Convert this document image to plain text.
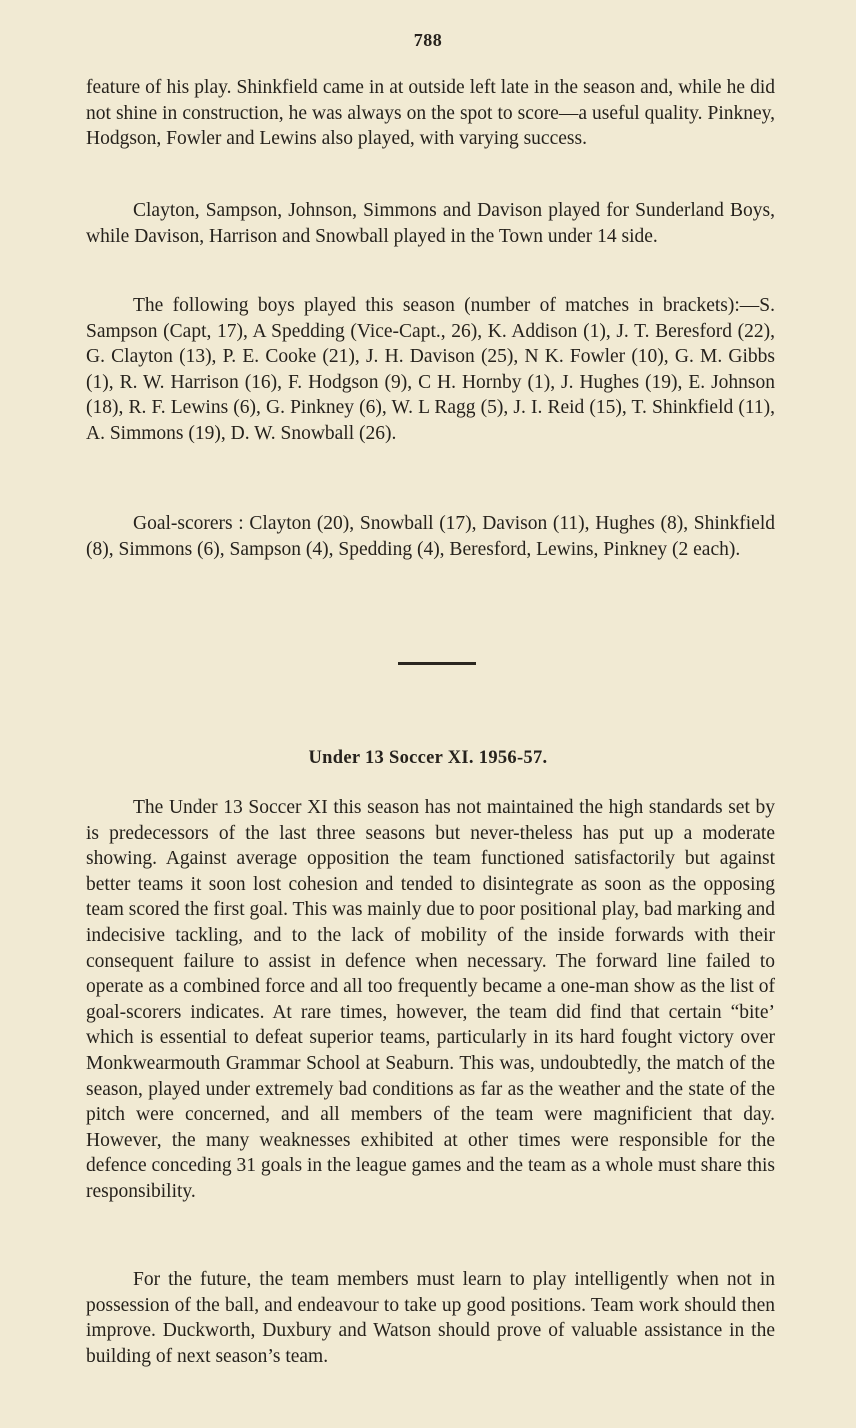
788

feature of his play. Shinkfield came in at outside left late in the season and, while he did not shine in construction, he was always on the spot to score—a useful quality. Pinkney, Hodgson, Fowler and Lewins also played, with varying success.

Clayton, Sampson, Johnson, Simmons and Davison played for Sunderland Boys, while Davison, Harrison and Snowball played in the Town under 14 side.

The following boys played this season (number of matches in brackets):—S. Sampson (Capt, 17), A Spedding (Vice-Capt., 26), K. Addison (1), J. T. Beresford (22), G. Clayton (13), P. E. Cooke (21), J. H. Davison (25), N K. Fowler (10), G. M. Gibbs (1), R. W. Harrison (16), F. Hodgson (9), C H. Hornby (1), J. Hughes (19), E. Johnson (18), R. F. Lewins (6), G. Pinkney (6), W. L Ragg (5), J. I. Reid (15), T. Shinkfield (11), A. Simmons (19), D. W. Snowball (26).

Goal-scorers : Clayton (20), Snowball (17), Davison (11), Hughes (8), Shinkfield (8), Simmons (6), Sampson (4), Spedding (4), Beresford, Lewins, Pinkney (2 each).

Under 13 Soccer XI. 1956-57.

The Under 13 Soccer XI this season has not maintained the high standards set by is predecessors of the last three seasons but never-theless has put up a moderate showing. Against average opposition the team functioned satisfactorily but against better teams it soon lost cohesion and tended to disintegrate as soon as the opposing team scored the first goal. This was mainly due to poor positional play, bad marking and indecisive tackling, and to the lack of mobility of the inside forwards with their consequent failure to assist in defence when necessary. The forward line failed to operate as a combined force and all too frequently became a one-man show as the list of goal-scorers indicates. At rare times, however, the team did find that certain “bite’ which is essential to defeat superior teams, particularly in its hard fought victory over Monkwearmouth Grammar School at Seaburn. This was, undoubtedly, the match of the season, played under extremely bad conditions as far as the weather and the state of the pitch were concerned, and all members of the team were magnificient that day. However, the many weaknesses exhibited at other times were responsible for the defence conceding 31 goals in the league games and the team as a whole must share this responsibility.

For the future, the team members must learn to play intelligently when not in possession of the ball, and endeavour to take up good positions. Team work should then improve. Duckworth, Duxbury and Watson should prove of valuable assistance in the building of next season’s team.
